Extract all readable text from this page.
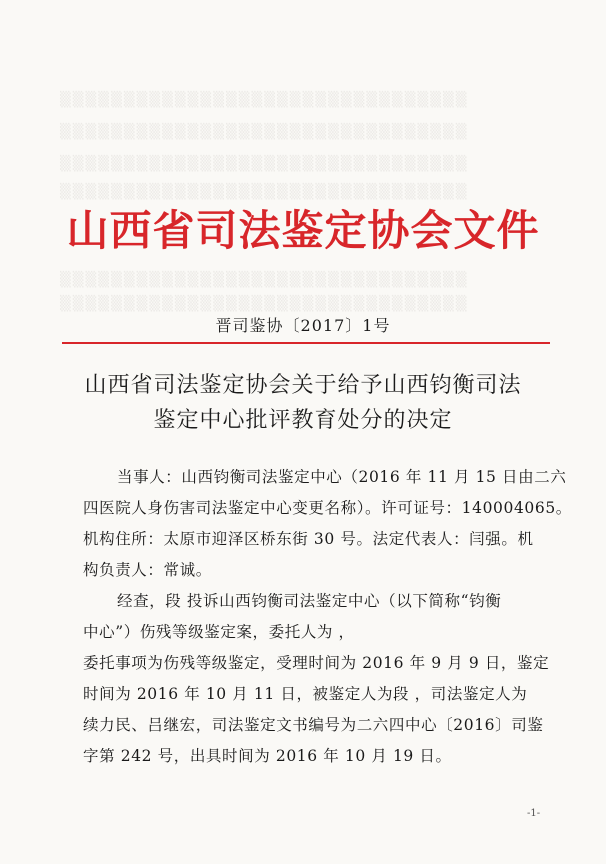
▒▒▒▒▒▒▒▒▒▒▒▒▒▒▒▒▒▒▒▒▒▒▒▒▒▒▒▒▒▒▒▒
▒▒▒▒▒▒▒▒▒▒▒▒▒▒▒▒▒▒▒▒▒▒▒▒▒▒▒▒▒▒▒▒
▒▒▒▒▒▒▒▒▒▒▒▒▒▒▒▒▒▒▒▒▒▒▒▒▒▒▒▒▒▒▒▒
▒▒▒▒▒▒▒▒▒▒▒▒▒▒▒▒▒▒▒▒▒▒▒▒▒▒▒▒▒▒▒▒
▒▒▒▒▒▒▒▒▒▒▒▒▒▒▒▒▒▒▒▒▒▒▒▒▒▒▒▒▒▒▒▒
▒▒▒▒▒▒▒▒▒▒▒▒▒▒▒▒▒▒▒▒▒▒▒▒▒▒▒▒▒▒▒▒
山西省司法鉴定协会文件
晋司鉴协〔2017〕1号
山西省司法鉴定协会关于给予山西钧衡司法
鉴定中心批评教育处分的决定
当事人：山西钧衡司法鉴定中心（2016 年 11 月 15 日由二六
四医院人身伤害司法鉴定中心变更名称）。许可证号：140004065。
机构住所：太原市迎泽区桥东街 30 号。法定代表人：闫强。机
构负责人：常诚。
经查，段 投诉山西钧衡司法鉴定中心（以下简称“钧衡
中心”）伤残等级鉴定案，委托人为 ，
委托事项为伤残等级鉴定，受理时间为 2016 年 9 月 9 日，鉴定
时间为 2016 年 10 月 11 日，被鉴定人为段 ，司法鉴定人为
续力民、吕继宏，司法鉴定文书编号为二六四中心〔2016〕司鉴
字第 242 号，出具时间为 2016 年 10 月 19 日。
-1-
